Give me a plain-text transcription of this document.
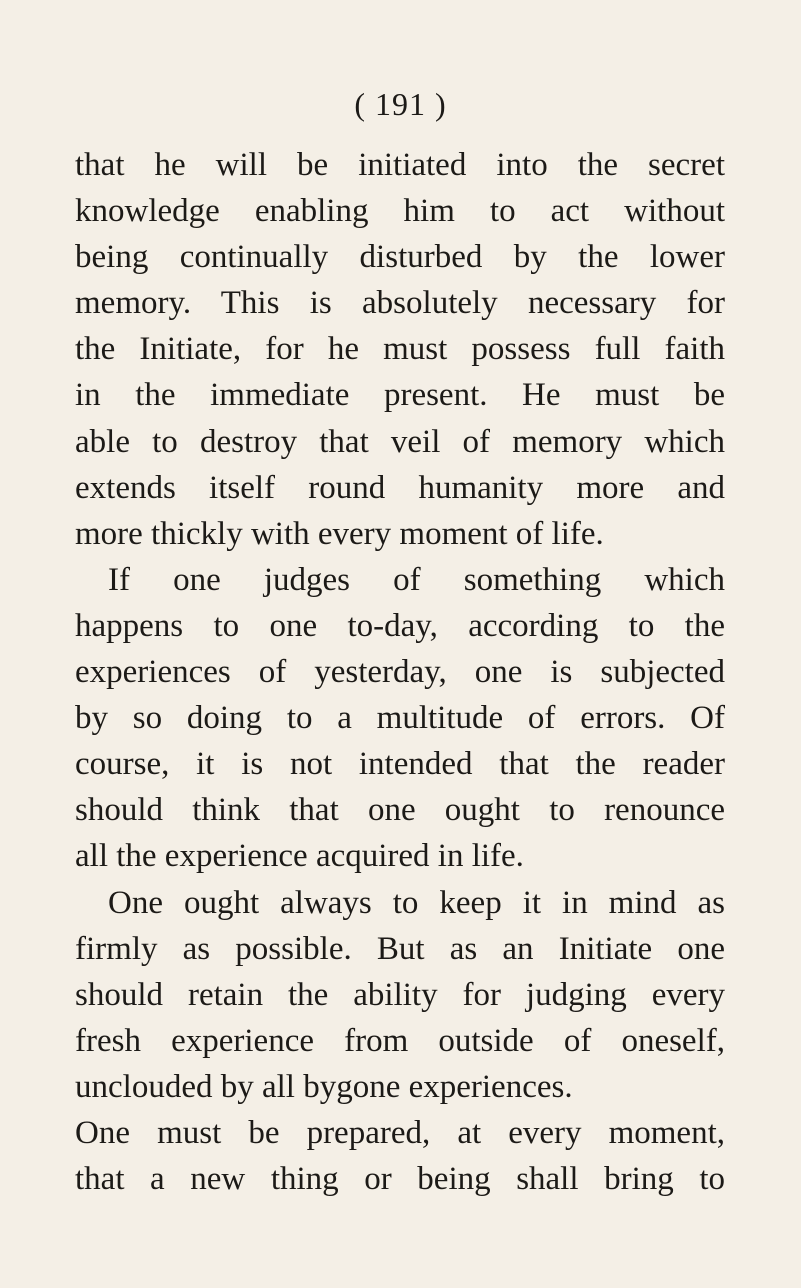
( 191 )
that he will be initiated into the secret
knowledge enabling him to act without
being continually disturbed by the lower
memory. This is absolutely necessary for
the Initiate, for he must possess full faith
in the immediate present. He must be
able to destroy that veil of memory which
extends itself round humanity more and
more thickly with every moment of life.
If one judges of something which
happens to one to-day, according to the
experiences of yesterday, one is subjected
by so doing to a multitude of errors. Of
course, it is not intended that the reader
should think that one ought to renounce
all the experience acquired in life.
One ought always to keep it in mind as
firmly as possible. But as an Initiate one
should retain the ability for judging every
fresh experience from outside of oneself,
unclouded by all bygone experiences.
One must be prepared, at every moment,
that a new thing or being shall bring to
